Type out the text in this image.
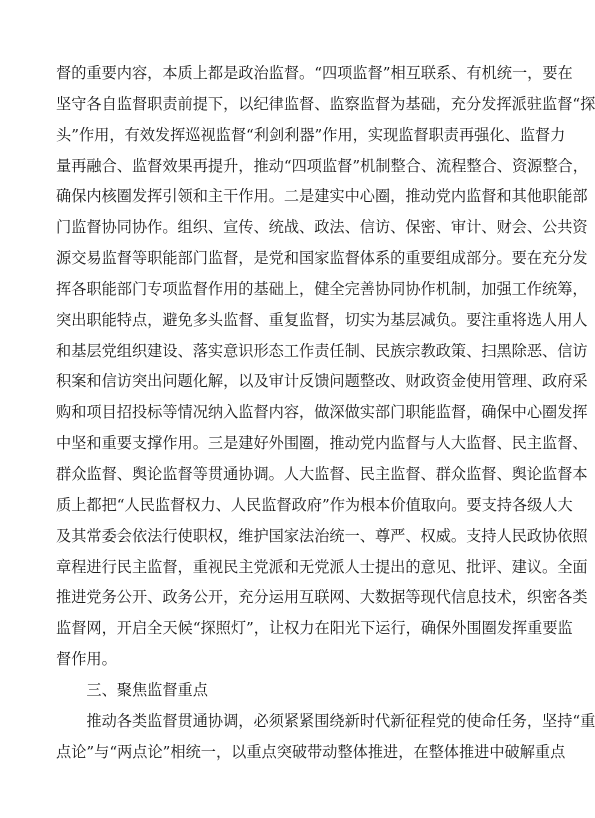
督的重要内容，本质上都是政治监督。“四项监督”相互联系、有机统一，要在
坚守各自监督职责前提下，以纪律监督、监察监督为基础，充分发挥派驻监督“探
头”作用，有效发挥巡视监督“利剑利器”作用，实现监督职责再强化、监督力
量再融合、监督效果再提升，推动“四项监督”机制整合、流程整合、资源整合，
确保内核圈发挥引领和主干作用。二是建实中心圈，推动党内监督和其他职能部
门监督协同协作。组织、宣传、统战、政法、信访、保密、审计、财会、公共资
源交易监督等职能部门监督，是党和国家监督体系的重要组成部分。要在充分发
挥各职能部门专项监督作用的基础上，健全完善协同协作机制，加强工作统筹，
突出职能特点，避免多头监督、重复监督，切实为基层减负。要注重将选人用人
和基层党组织建设、落实意识形态工作责任制、民族宗教政策、扫黑除恶、信访
积案和信访突出问题化解，以及审计反馈问题整改、财政资金使用管理、政府采
购和项目招投标等情况纳入监督内容，做深做实部门职能监督，确保中心圈发挥
中坚和重要支撑作用。三是建好外围圈，推动党内监督与人大监督、民主监督、
群众监督、舆论监督等贯通协调。人大监督、民主监督、群众监督、舆论监督本
质上都把“人民监督权力、人民监督政府”作为根本价值取向。要支持各级人大
及其常委会依法行使职权，维护国家法治统一、尊严、权威。支持人民政协依照
章程进行民主监督，重视民主党派和无党派人士提出的意见、批评、建议。全面
推进党务公开、政务公开，充分运用互联网、大数据等现代信息技术，织密各类
监督网，开启全天候“探照灯”，让权力在阳光下运行，确保外围圈发挥重要监
督作用。
　　三、聚焦监督重点
　　推动各类监督贯通协调，必须紧紧围绕新时代新征程党的使命任务，坚持“重
点论”与“两点论”相统一，以重点突破带动整体推进，在整体推进中破解重点
